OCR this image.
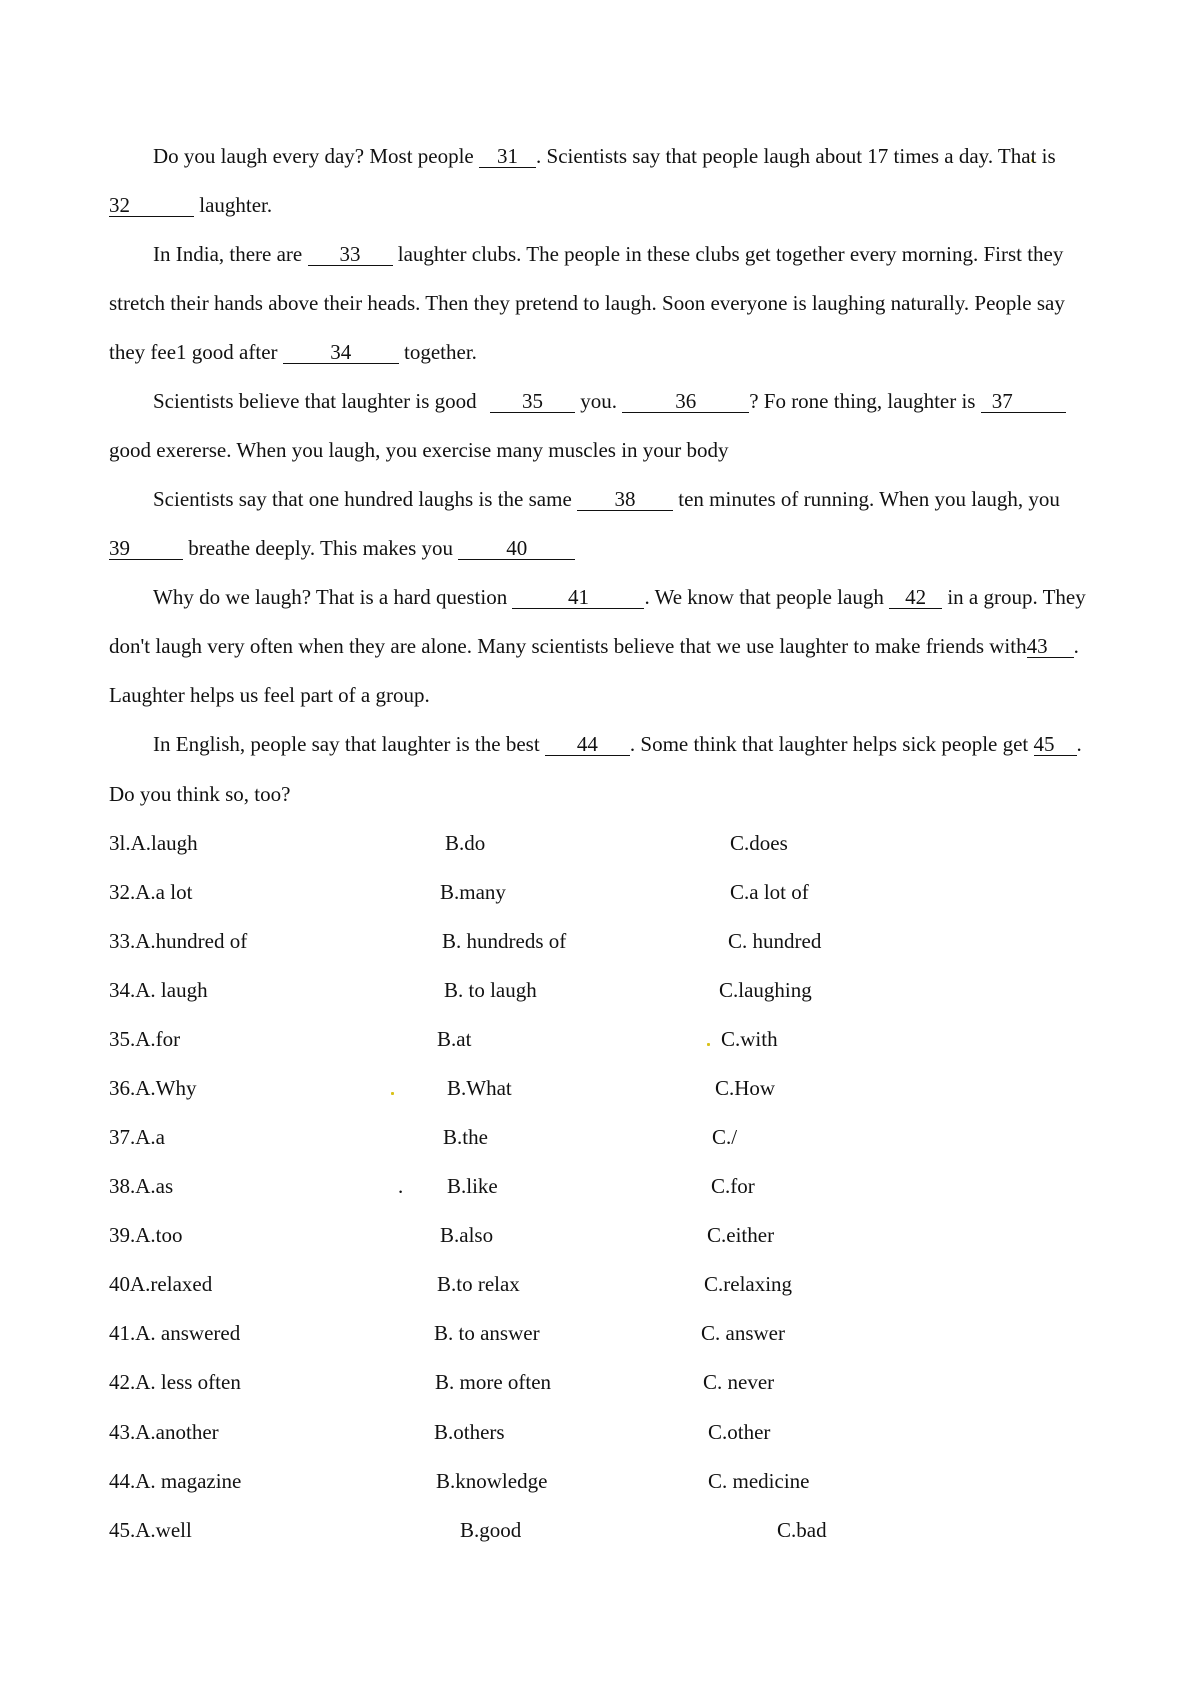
Do you laugh every day? Most people 31 . Scientists say that people laugh about 17 times a day. That is
32	laughter.
In India, there are 33 laughter clubs. The people in these clubs get together every morning. First they
stretch their hands above their heads. Then they pretend to laugh. Soon everyone is laughing naturally. People say
they fee1 good after	34	together.
Scientists believe that laughter is good 35 you.	36	? Fo rone thing, laughter is 37
good exererse. When you laugh, you exercise many muscles in your body
Scientists say that one hundred laughs is the same 38 ten minutes of running. When you laugh, you
39	breathe deeply. This makes you	40
Why do we laugh? That is a hard question	41	. We know that people laugh 42 in a group. They
don't laugh very often when they are alone. Many scientists believe that we use laughter to make friends with43 .
Laughter helps us feel part of a group.
In English, people say that laughter is the best 44 . Some think that laughter helps sick people get 45 .
Do you think so, too?
3l.A.laugh	B.do	C.does
32.A.a lot	B.many	C.a lot of
33.A.hundred of	B. hundreds of	C. hundred
34.A. laugh	B. to laugh	C.laughing
35.A.for	B.at	C.with
36.A.Why	B.What	C.How
37.A.a	B.the	C./
38.A.as	. B.like	C.for
39.A.too	B.also	C.either
40A.relaxed	B.to relax	C.relaxing
41.A. answered	B. to answer	C. answer
42.A. less often	B. more often	C. never
43.A.another	B.others	C.other
44.A. magazine	B.knowledge	C. medicine
45.A.well	B.good	C.bad
